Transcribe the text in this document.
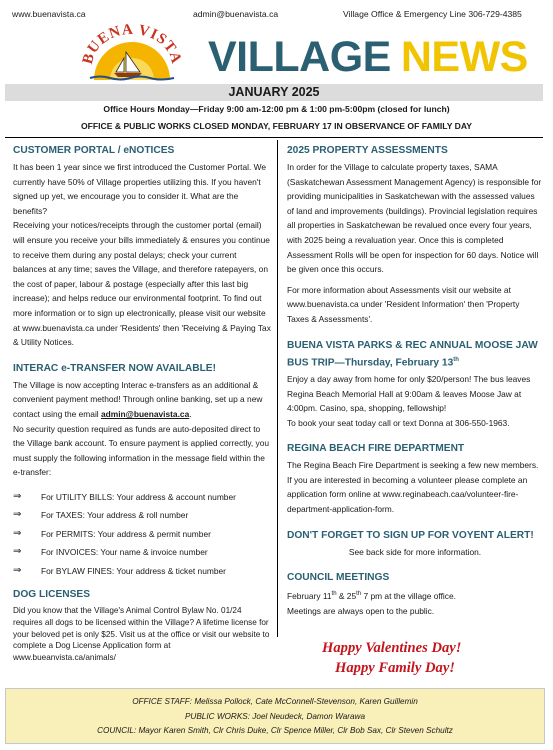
www.buenavista.ca	admin@buenavista.ca	Village Office & Emergency Line 306-729-4385
BUENA VISTA VILLAGE NEWS
JANUARY 2025
Office Hours Monday—Friday 9:00 am-12:00 pm & 1:00 pm-5:00pm (closed for lunch)
OFFICE & PUBLIC WORKS CLOSED MONDAY, FEBRUARY 17 IN OBSERVANCE OF FAMILY DAY
CUSTOMER PORTAL / eNOTICES

It has been 1 year since we first introduced the Customer Portal. We currently have 50% of Village properties utilizing this. If you haven't signed up yet, we encourage you to consider it. What are the benefits?

Receiving your notices/receipts through the customer portal (email) will ensure you receive your bills immediately & ensures you continue to receive them during any postal delays; check your current balances at any time; saves the Village, and therefore ratepayers, on the cost of paper, labour & postage (especially after this last big increase); and helps reduce our environmental footprint. To find out more information or to sign up electronically, please visit our website at www.buenavista.ca under 'Residents' then 'Receiving & Paying Tax & Utility Notices.

INTERAC e-TRANSFER NOW AVAILABLE!

The Village is now accepting Interac e-transfers as an additional & convenient payment method! Through online banking, set up a new contact using the email admin@buenavista.ca.

No security question required as funds are auto-deposited direct to the Village bank account. To ensure payment is applied correctly, you must supply the following information in the message field within the e-transfer:

⇒	For UTILITY BILLS: Your address & account number
⇒	For TAXES: Your address & roll number
⇒	For PERMITS: Your address & permit number
⇒	For INVOICES: Your name & invoice number
⇒	For BYLAW FINES: Your address & ticket number
DOG LICENSES

Did you know that the Village's Animal Control Bylaw No. 01/24 requires all dogs to be licensed within the Village? A lifetime license for your beloved pet is only $25. Visit us at the office or visit our website to complete a Dog License Application form at www.bueanvista.ca/animals/

2025 PROPERTY ASSESSMENTS

In order for the Village to calculate property taxes, SAMA (Saskatchewan Assessment Management Agency) is responsible for providing municipalities in Saskatchewan with the assessed values of land and improvements (buildings). Provincial legislation requires all properties in Saskatchewan be revalued once every four years, with 2025 being a revaluation year. Once this is completed Assessment Rolls will be open for inspection for 60 days. Notice will be given once this occurs.

For more information about Assessments visit our website at www.buenavista.ca under 'Resident Information' then 'Property Taxes & Assessments'.

BUENA VISTA PARKS & REC ANNUAL MOOSE JAW BUS TRIP—Thursday, February 13th

Enjoy a day away from home for only $20/person! The bus leaves Regina Beach Memorial Hall at 9:00am & leaves Moose Jaw at 4:00pm. Casino, spa, shopping, fellowship!

To book your seat today call or text Donna at 306-550-1963.

REGINA BEACH FIRE DEPARTMENT

The Regina Beach Fire Department is seeking a few new members. If you are interested in becoming a volunteer please complete an application form online at www.reginabeach.caa/volunteer-fire-department-application-form.

DON'T FORGET TO SIGN UP FOR VOYENT ALERT!

See back side for more information.

COUNCIL MEETINGS

February 11th & 25th 7 pm at the village office.

Meetings are always open to the public.

Happy Valentines Day!
Happy Family Day!
OFFICE STAFF: Melissa Pollock, Cate McConnell-Stevenson, Karen Guillemin
PUBLIC WORKS: Joel Neudeck, Damon Warawa
COUNCIL: Mayor Karen Smith, Clr Chris Duke, Clr Spence Miller, Clr Bob Sax, Clr Steven Schultz
